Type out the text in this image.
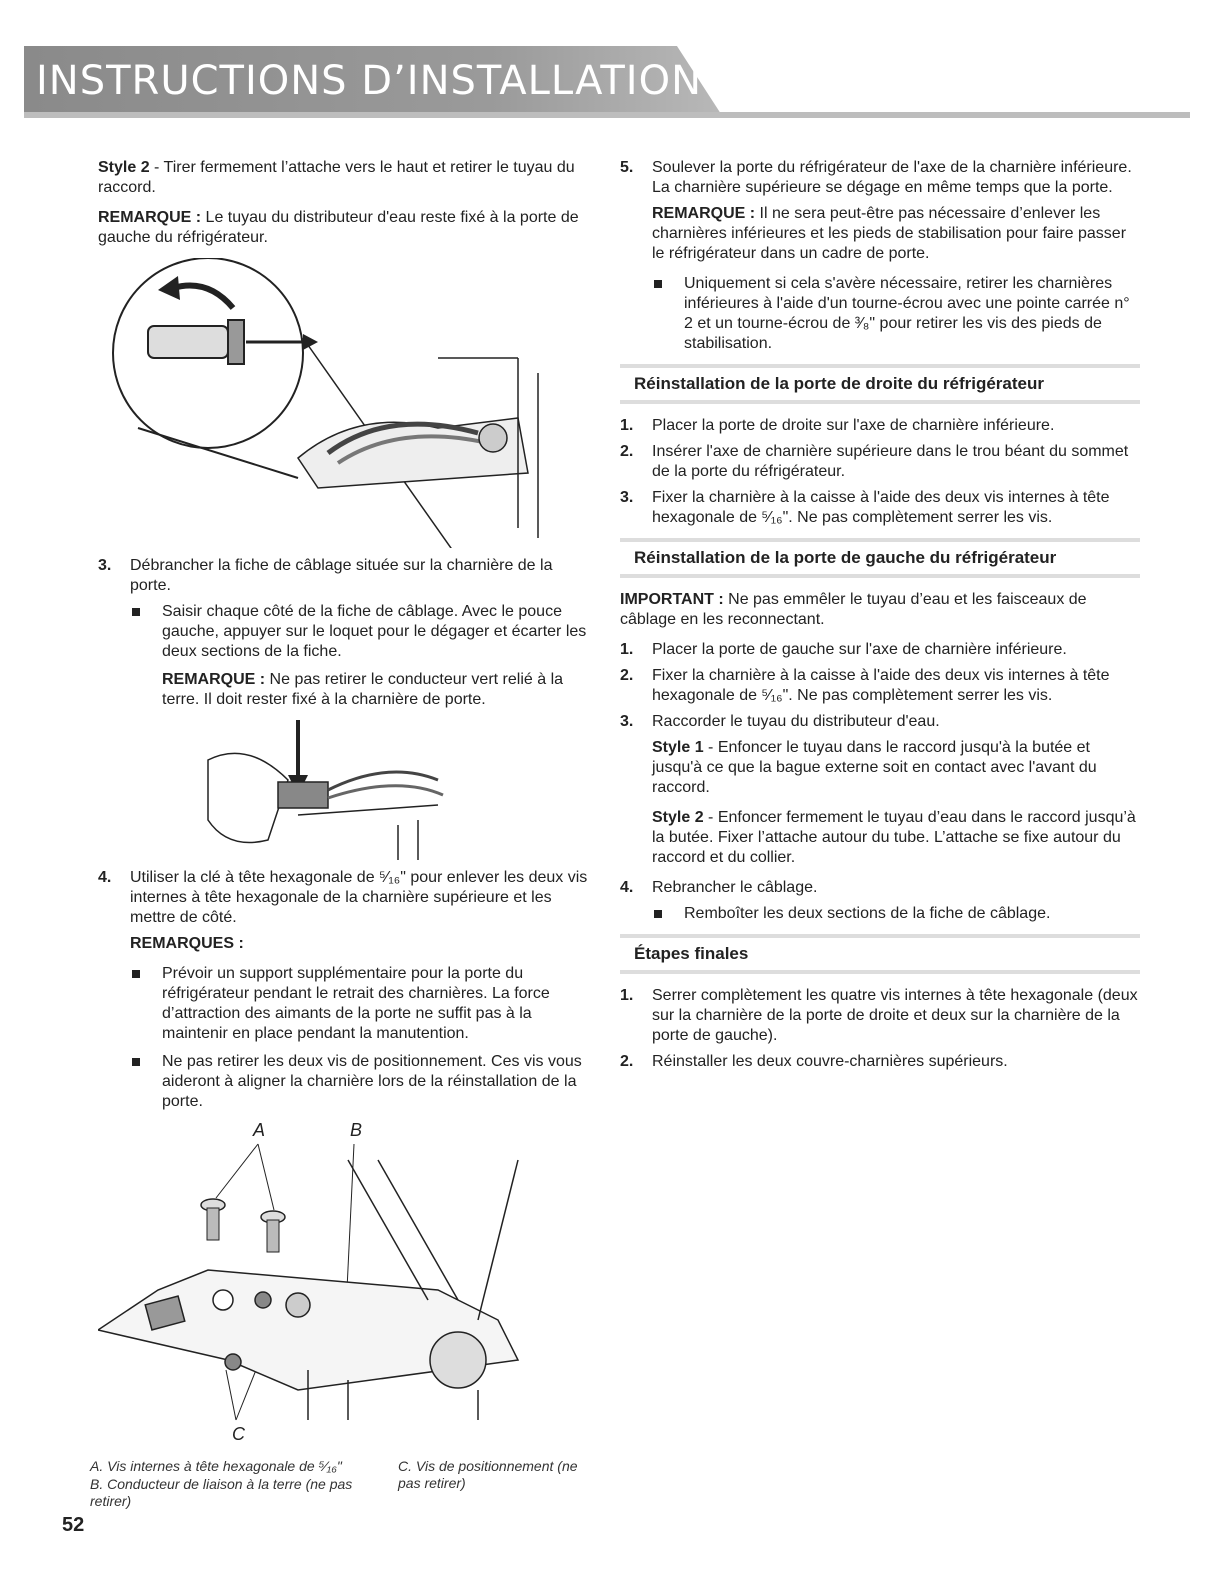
INSTRUCTIONS D’INSTALLATION

Style 2 - Tirer fermement l’attache vers le haut et retirer le tuyau du raccord.

REMARQUE : Le tuyau du distributeur d'eau reste fixé à la porte de gauche du réfrigérateur.

3. Débrancher la fiche de câblage située sur la charnière de la porte.
Saisir chaque côté de la fiche de câblage. Avec le pouce gauche, appuyer sur le loquet pour le dégager et écarter les deux sections de la fiche.

REMARQUE : Ne pas retirer le conducteur vert relié à la terre. Il doit rester fixé à la charnière de porte.

4. Utiliser la clé à tête hexagonale de ⁵⁄₁₆" pour enlever les deux vis internes à tête hexagonale de la charnière supérieure et les mettre de côté.

REMARQUES :

Prévoir un support supplémentaire pour la porte du réfrigérateur pendant le retrait des charnières. La force d’attraction des aimants de la porte ne suffit pas à la maintenir en place pendant la manutention.
Ne pas retirer les deux vis de positionnement. Ces vis vous aideront à aligner la charnière lors de la réinstallation de la porte.
A	B
C
A. Vis internes à tête hexagonale de ⁵⁄₁₆"
B. Conducteur de liaison à la terre (ne pas retirer)
C. Vis de positionnement (ne pas retirer)
52
5. Soulever la porte du réfrigérateur de l'axe de la charnière inférieure. La charnière supérieure se dégage en même temps que la porte.

REMARQUE : Il ne sera peut-être pas nécessaire d’enlever les charnières inférieures et les pieds de stabilisation pour faire passer le réfrigérateur dans un cadre de porte.

Uniquement si cela s'avère nécessaire, retirer les charnières inférieures à l'aide d'un tourne-écrou avec une pointe carrée n° 2 et un tourne-écrou de ³⁄₈" pour retirer les vis des pieds de stabilisation.
Réinstallation de la porte de droite du réfrigérateur
1. Placer la porte de droite sur l'axe de charnière inférieure.
2. Insérer l'axe de charnière supérieure dans le trou béant du sommet de la porte du réfrigérateur.
3. Fixer la charnière à la caisse à l'aide des deux vis internes à tête hexagonale de ⁵⁄₁₆". Ne pas complètement serrer les vis.
Réinstallation de la porte de gauche du réfrigérateur

IMPORTANT : Ne pas emmêler le tuyau d’eau et les faisceaux de câblage en les reconnectant.

1. Placer la porte de gauche sur l'axe de charnière inférieure.
2. Fixer la charnière à la caisse à l'aide des deux vis internes à tête hexagonale de ⁵⁄₁₆". Ne pas complètement serrer les vis.
3. Raccorder le tuyau du distributeur d'eau.

Style 1 - Enfoncer le tuyau dans le raccord jusqu'à la butée et jusqu'à ce que la bague externe soit en contact avec l'avant du raccord.

Style 2 - Enfoncer fermement le tuyau d’eau dans le raccord jusqu’à la butée. Fixer l’attache autour du tube. L’attache se fixe autour du raccord et du collier.

4. Rebrancher le câblage.
Remboîter les deux sections de la fiche de câblage.
Étapes finales
1. Serrer complètement les quatre vis internes à tête hexagonale (deux sur la charnière de la porte de droite et deux sur la charnière de la porte de gauche).
2. Réinstaller les deux couvre-charnières supérieurs.
